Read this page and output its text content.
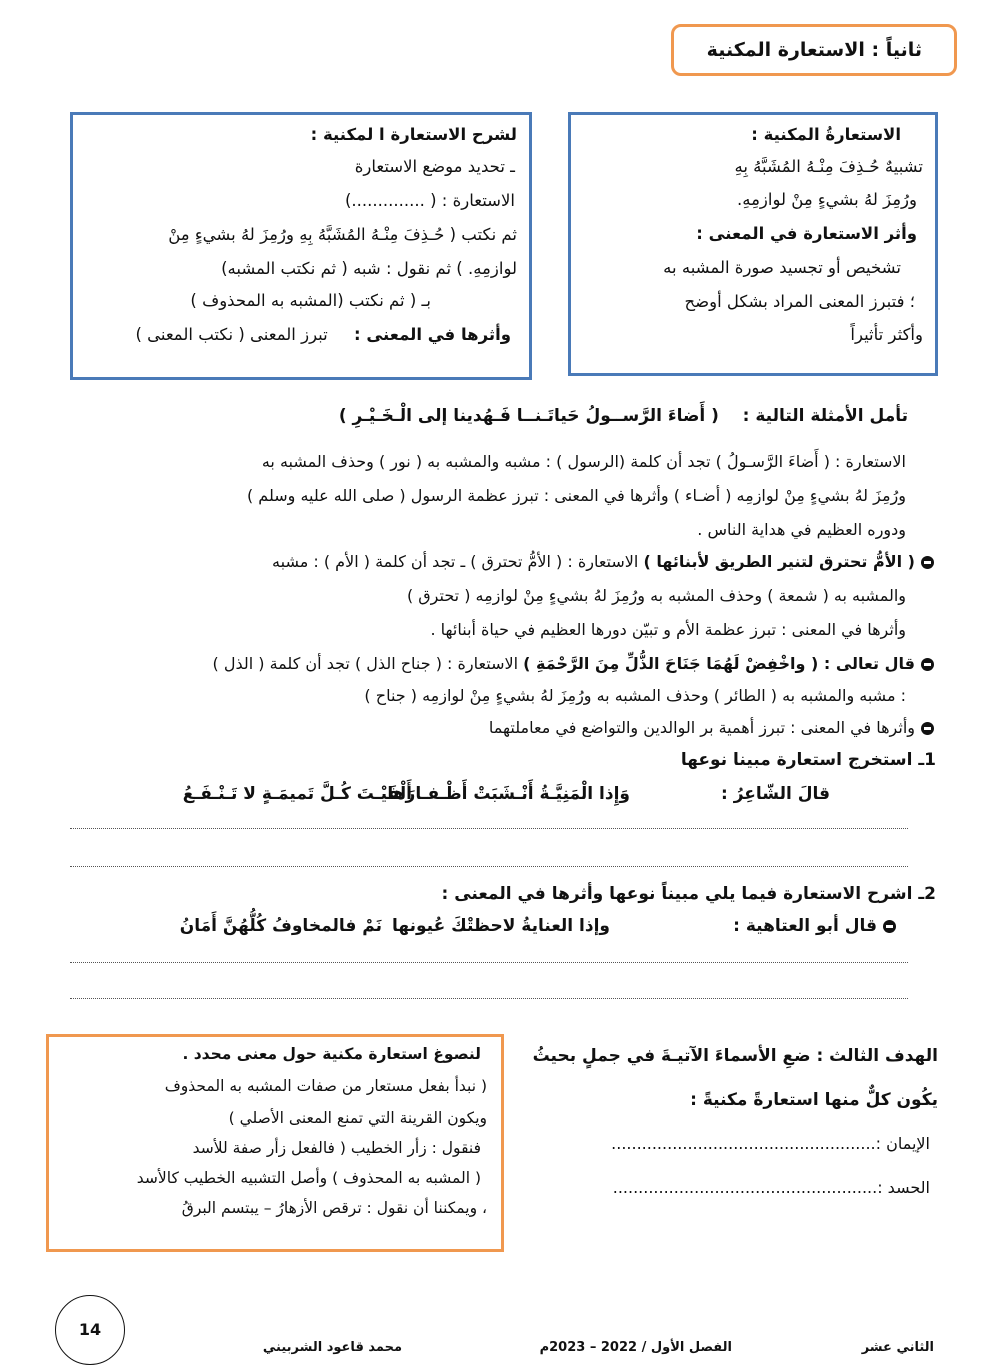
ثانياً : الاستعارة المكنية
الاستعارةُ المكنية :
تشبيهٌ حُـذِفَ مِنْـهُ المُشَبَّهُ بِهِ
ورُمِزَ لهُ بشيءٍ مِنْ لوازمِهِ.
وأثر الاستعارة في المعنى :
تشخيص أو تجسيد صورة المشبه به
؛ فتبرز المعنى المراد بشكل أوضح
وأكثر تأثيراً
لشرح الاستعارة ا لمكنية :
ـ تحديد موضع الاستعارة
الاستعارة : ( ..............)
ثم نكتب ( حُـذِفَ مِنْـهُ المُشَبَّهُ بِهِ ورُمِزَ لهُ بشيءٍ مِنْ
لوازمِهِ. ) ثم نقول : شبه ( ثم نكتب المشبه)
بـ ( ثم نكتب (المشبه به المحذوف )
وأثرها في المعنى :     تبرز المعنى ( نكتب المعنى )
تأمل الأمثلة التالية :    ( أَضاءَ الرَّســولُ حَياتَـنــا فَـهُدينا إلى الْـخَـيْـرِ )
الاستعارة : ( أَضاءَ الرَّسـولُ ) تجد أن كلمة (الرسول ) : مشبه والمشبه به ( نور ) وحذف المشبه به
ورُمِزَ لهُ بشيءٍ مِنْ لوازمِه ( أضـاء ) وأثرها في المعنى : تبرز عظمة الرسول ( صلى الله عليه وسلم )
ودوره العظيم في هداية الناس .
( الأمُّ تحترق لتنير الطريق لأبنائها ) الاستعارة : ( الأمُّ تحترق ) ـ تجد أن كلمة ( الأم ) : مشبه
والمشبه به ( شمعة ) وحذف المشبه به ورُمِزَ لهُ بشيءٍ مِنْ لوازمِه ( تحترق )
وأثرها في المعنى : تبرز عظمة الأم و تبيّن دورها العظيم في حياة أبنائها .
قال تعالى : ( واخْفِضْ لَهُمَا جَنَاحَ الذُّلِّ مِنَ الرَّحْمَةِ ) الاستعارة : ( جناح الذل ) تجد أن كلمة ( الذل )
: مشبه والمشبه به ( الطائر ) وحذف المشبه به ورُمِزَ لهُ بشيءٍ مِنْ لوازمِه ( جناح )
وأثرها في المعنى : تبرز أهمية بر الوالدين والتواضع في معاملتهما
1ـ استخرج استعارة مبينا نوعها
قالَ الشّاعِرُ :
وَإِذا الْمَنِيَّـةُ أَنْـشَبَتْ أَظْـفـارَها
أَلْفَيْـتَ كُـلَّ تَميمَـةٍ لا تَـنْـفَـعُ
2ـ اشرح الاستعارة فيما يلي مبيناً نوعها وأثرها في المعنى :
قال أبو العتاهية :
وإذا العنايةُ لاحظتْكَ عُيونها
نَمْ فالمخاوفُ كُلُّهُنَّ أَمَانُ
الهدف الثالث : ضعِ الأسماءَ الآتيـةَ في جملٍ بحيثُ
يكُون كلٌّ منها استعارةً مكنيةً :
الإيمان :....................................................
الحسد :....................................................
لنصوغ استعارة مكنية حول معنى محدد .
( نبدأ بفعل مستعار من صفات المشبه به المحذوف
ويكون القرينة التي تمنع المعنى الأصلي )
فنقول : زأر الخطيب ( فالفعل زأر صفة للأسد
( المشبه به المحذوف ) وأصل التشبيه الخطيب كالأسد
، ويمكننا أن نقول : ترقص الأزهارُ – يبتسم البرقُ
14
الثاني عشر
الفصل الأول / 2022 – 2023م
محمد قاعود الشربيني
